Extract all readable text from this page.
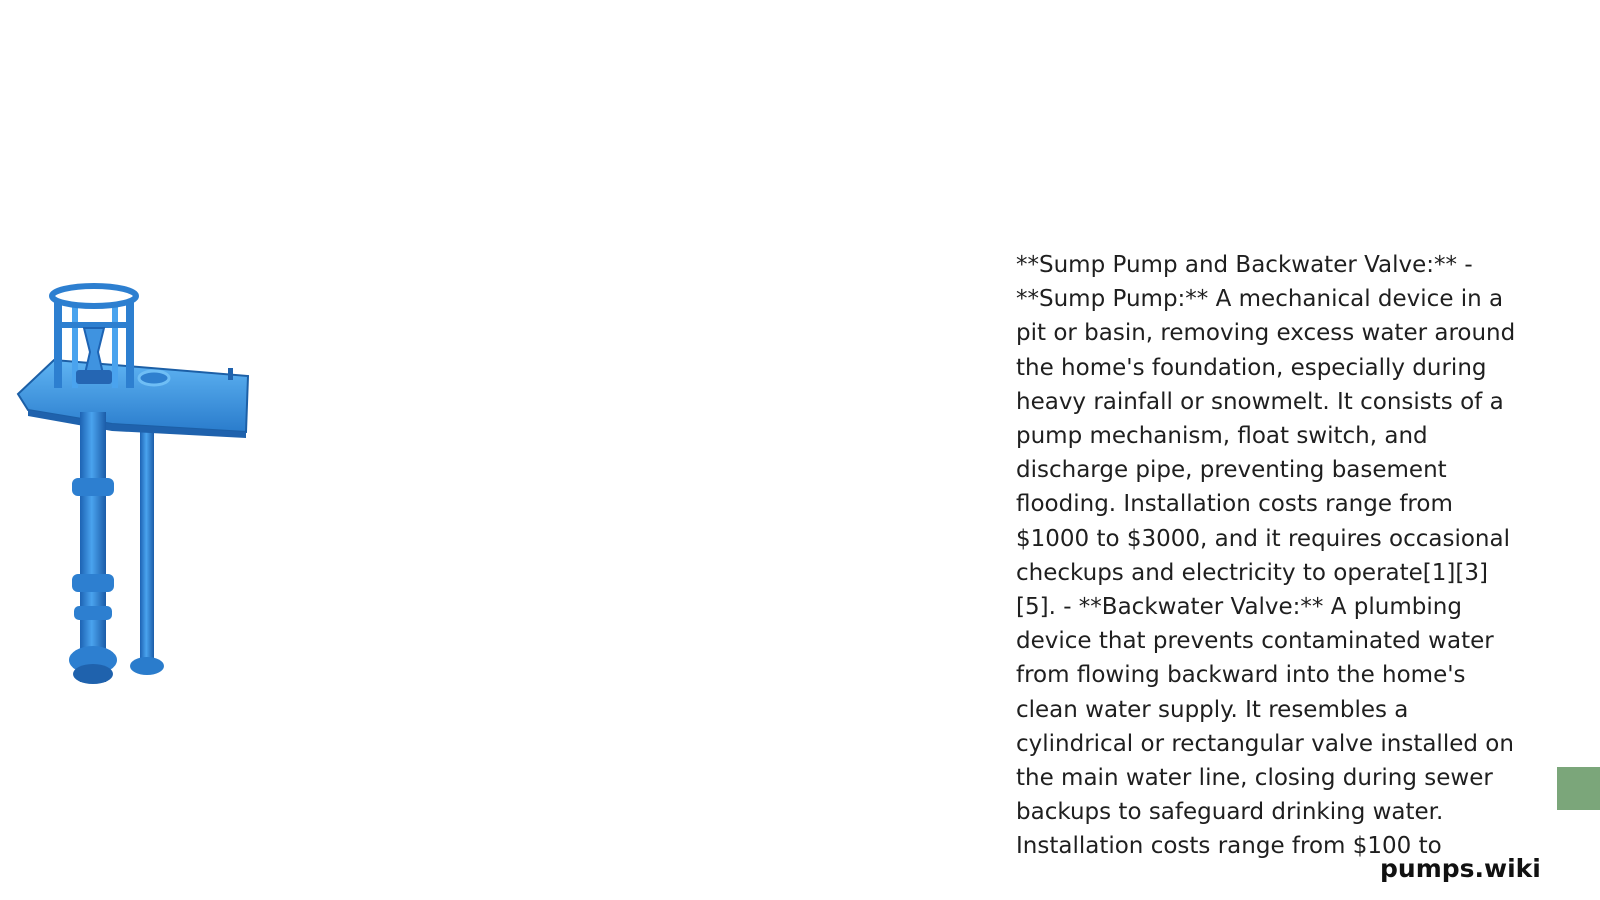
**Sump Pump and Backwater Valve:** - **Sump Pump:** A mechanical device in a pit or basin, removing excess water around the home's foundation, especially during heavy rainfall or snowmelt. It consists of a pump mechanism, float switch, and discharge pipe, preventing basement flooding. Installation costs range from $1000 to $3000, and it requires occasional checkups and electricity to operate[1][3][5]. - **Backwater Valve:** A plumbing device that prevents contaminated water from flowing backward into the home's clean water supply. It resembles a cylindrical or rectangular valve installed on the main water line, closing during sewer backups to safeguard drinking water. Installation costs range from $100 to

pumps.wiki
